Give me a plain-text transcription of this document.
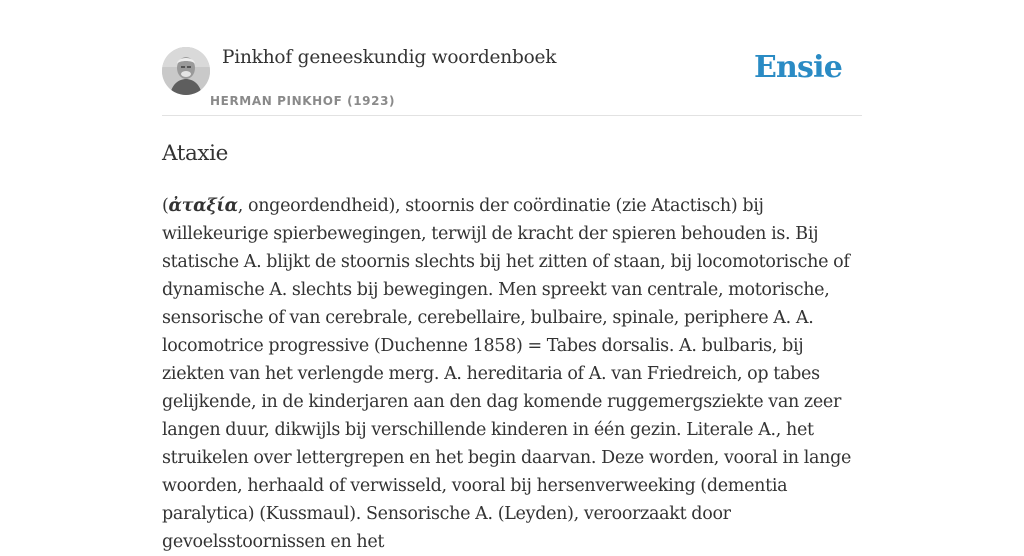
Pinkhof geneeskundig woordenboek
HERMAN PINKHOF (1923)
Ensie
Ataxie

(ἀταξία, ongeordendheid), stoornis der coördinatie (zie Atactisch) bij willekeurige spierbewegingen, terwijl de kracht der spieren behouden is. Bij statische A. blijkt de stoornis slechts bij het zitten of staan, bij locomotorische of dynamische A. slechts bij bewegingen. Men spreekt van centrale, motorische, sensorische of van cerebrale, cerebellaire, bulbaire, spinale, periphere A. A. locomotrice progressive (Duchenne 1858) = Tabes dorsalis. A. bulbaris, bij ziekten van het verlengde merg. A. hereditaria of A. van Friedreich, op tabes gelijkende, in de kinderjaren aan den dag komende ruggemergsziekte van zeer langen duur, dikwijls bij verschillende kinderen in één gezin. Literale A., het struikelen over lettergrepen en het begin daarvan. Deze worden, vooral in lange woorden, herhaald of verwisseld, vooral bij hersenverweeking (dementia paralytica) (Kussmaul). Sensorische A. (Leyden), veroorzaakt door gevoelsstoornissen en het
